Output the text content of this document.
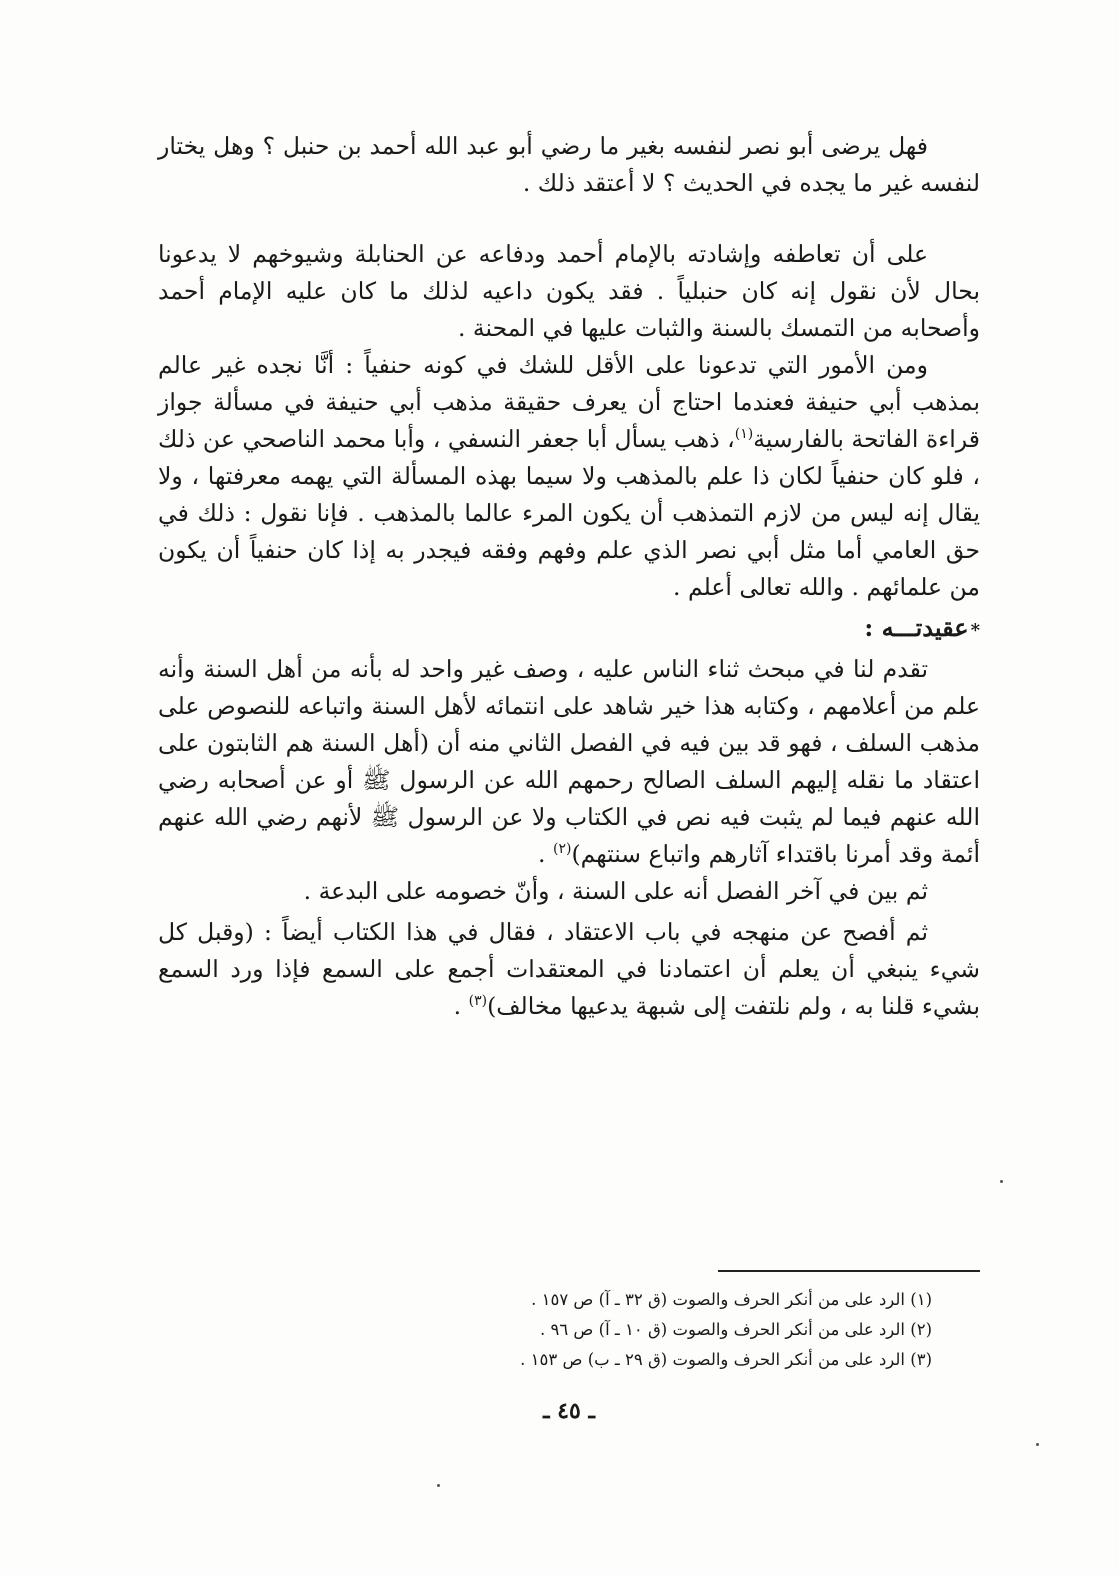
فهل يرضى أبو نصر لنفسه بغير ما رضي أبو عبد الله أحمد بن حنبل ؟ وهل يختار لنفسه غير ما يجده في الحديث ؟ لا أعتقد ذلك .

على أن تعاطفه وإشادته بالإمام أحمد ودفاعه عن الحنابلة وشيوخهم لا يدعونا بحال لأن نقول إنه كان حنبلياً . فقد يكون داعيه لذلك ما كان عليه الإمام أحمد وأصحابه من التمسك بالسنة والثبات عليها في المحنة .

ومن الأمور التي تدعونا على الأقل للشك في كونه حنفياً : أنَّا نجده غير عالم بمذهب أبي حنيفة فعندما احتاج أن يعرف حقيقة مذهب أبي حنيفة في مسألة جواز قراءة الفاتحة بالفارسية$^{(١)}$، ذهب يسأل أبا جعفر النسفي ، وأبا محمد الناصحي عن ذلك ، فلو كان حنفياً لكان ذا علم بالمذهب ولا سيما بهذه المسألة التي يهمه معرفتها ، ولا يقال إنه ليس من لازم التمذهب أن يكون المرء عالما بالمذهب . فإنا نقول : ذلك في حق العامي أما مثل أبي نصر الذي علم وفهم وفقه فيجدر به إذا كان حنفياً أن يكون من علمائهم . والله تعالى أعلم .

*عقيدتـــه :

تقدم لنا في مبحث ثناء الناس عليه ، وصف غير واحد له بأنه من أهل السنة وأنه علم من أعلامهم ، وكتابه هذا خير شاهد على انتمائه لأهل السنة واتباعه للنصوص على مذهب السلف ، فهو قد بين فيه في الفصل الثاني منه أن (أهل السنة هم الثابتون على اعتقاد ما نقله إليهم السلف الصالح رحمهم الله عن الرسول ﷺ أو عن أصحابه رضي الله عنهم فيما لم يثبت فيه نص في الكتاب ولا عن الرسول ﷺ لأنهم رضي الله عنهم أئمة وقد أمرنا باقتداء آثارهم واتباع سنتهم)$^{(٢)}$ .

ثم بين في آخر الفصل أنه على السنة ، وأنّ خصومه على البدعة .

ثم أفصح عن منهجه في باب الاعتقاد ، فقال في هذا الكتاب أيضاً : (وقبل كل شيء ينبغي أن يعلم أن اعتمادنا في المعتقدات أجمع على السمع فإذا ورد السمع بشيء قلنا به ، ولم نلتفت إلى شبهة يدعيها مخالف)$^{(٣)}$ .

(١) الرد على من أنكر الحرف والصوت (ق ٣٢ ـ آ) ص ١٥٧ .

(٢) الرد على من أنكر الحرف والصوت (ق ١٠ ـ آ) ص ٩٦ .

(٣) الرد على من أنكر الحرف والصوت (ق ٢٩ ـ ب) ص ١٥٣ .

ـ ٤٥ ـ
